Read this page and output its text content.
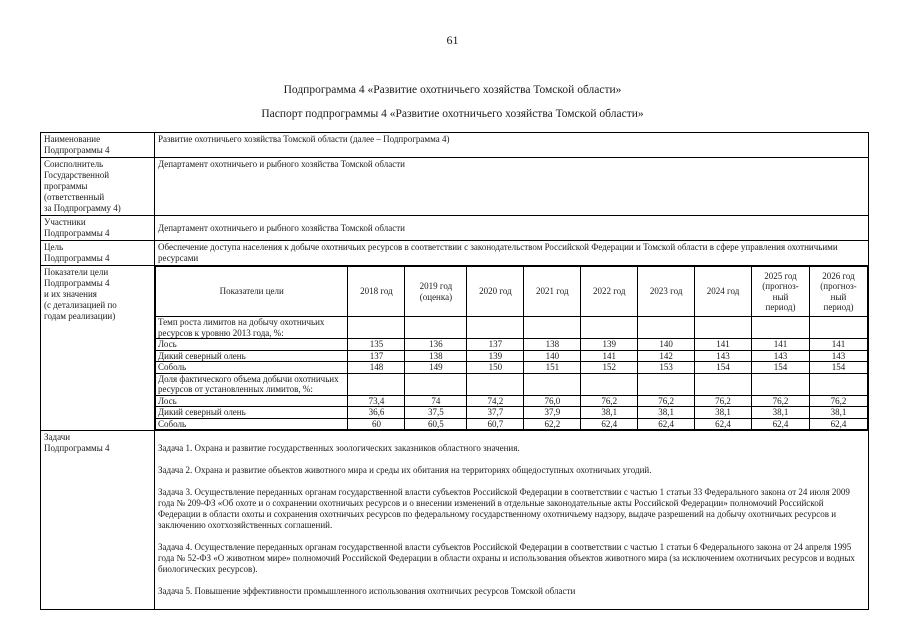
61
Подпрограмма 4 «Развитие охотничьего хозяйства Томской области»
Паспорт подпрограммы 4 «Развитие охотничьего хозяйства Томской области»
Наименование
Подпрограммы 4	Развитие охотничьего хозяйства Томской области (далее – Подпрограмма 4)
Соисполнитель
Государственной
программы
(ответственный
за Подпрограмму 4)	Департамент охотничьего и рыбного хозяйства Томской области
Участники
Подпрограммы 4	Департамент охотничьего и рыбного хозяйства Томской области
Цель
Подпрограммы 4	Обеспечение доступа населения к добыче охотничьих ресурсов в соответствии с законодательством Российской Федерации и Томской области в сфере управления охотничьими ресурсами
Показатели цели
Подпрограммы 4
и их значения
(с детализацией по
годам реализации)	
Показатели цели	2018 год	2019 год
(оценка)	2020 год	2021 год	2022 год	2023 год	2024 год	2025 год
(прогноз-
ный
период)	2026 год
(прогноз-
ный
период)
Темп роста лимитов на добычу охотничьих ресурсов к уровню 2013 года, %:									
Лось	135	136	137	138	139	140	141	141	141
Дикий северный олень	137	138	139	140	141	142	143	143	143
Соболь	148	149	150	151	152	153	154	154	154
Доля фактического объема добычи охотничьих ресурсов от установленных лимитов, %:									
Лось	73,4	74	74,2	76,0	76,2	76,2	76,2	76,2	76,2
Дикий северный олень	36,6	37,5	37,7	37,9	38,1	38,1	38,1	38,1	38,1
Соболь	60	60,5	60,7	62,2	62,4	62,4	62,4	62,4	62,4

Задачи
Подпрограммы 4	Задача 1. Охрана и развитие государственных зоологических заказников областного значения.

Задача 2. Охрана и развитие объектов животного мира и среды их обитания на территориях общедоступных охотничьих угодий.

Задача 3. Осуществление переданных органам государственной власти субъектов Российской Федерации в соответствии с частью 1 статьи 33 Федерального закона от 24 июля 2009 года № 209-ФЗ «Об охоте и о сохранении охотничьих ресурсов и о внесении изменений в отдельные законодательные акты Российской Федерации» полномочий Российской Федерации в области охоты и сохранения охотничьих ресурсов по федеральному государственному охотничьему надзору, выдаче разрешений на добычу охотничьих ресурсов и заключению охотхозяйственных соглашений.

Задача 4. Осуществление переданных органам государственной власти субъектов Российской Федерации в соответствии с частью 1 статьи 6 Федерального закона от 24 апреля 1995 года № 52-ФЗ «О животном мире» полномочий Российской Федерации в области охраны и использования объектов животного мира (за исключением охотничьих ресурсов и водных биологических ресурсов).

Задача 5. Повышение эффективности промышленного использования охотничьих ресурсов Томской области
